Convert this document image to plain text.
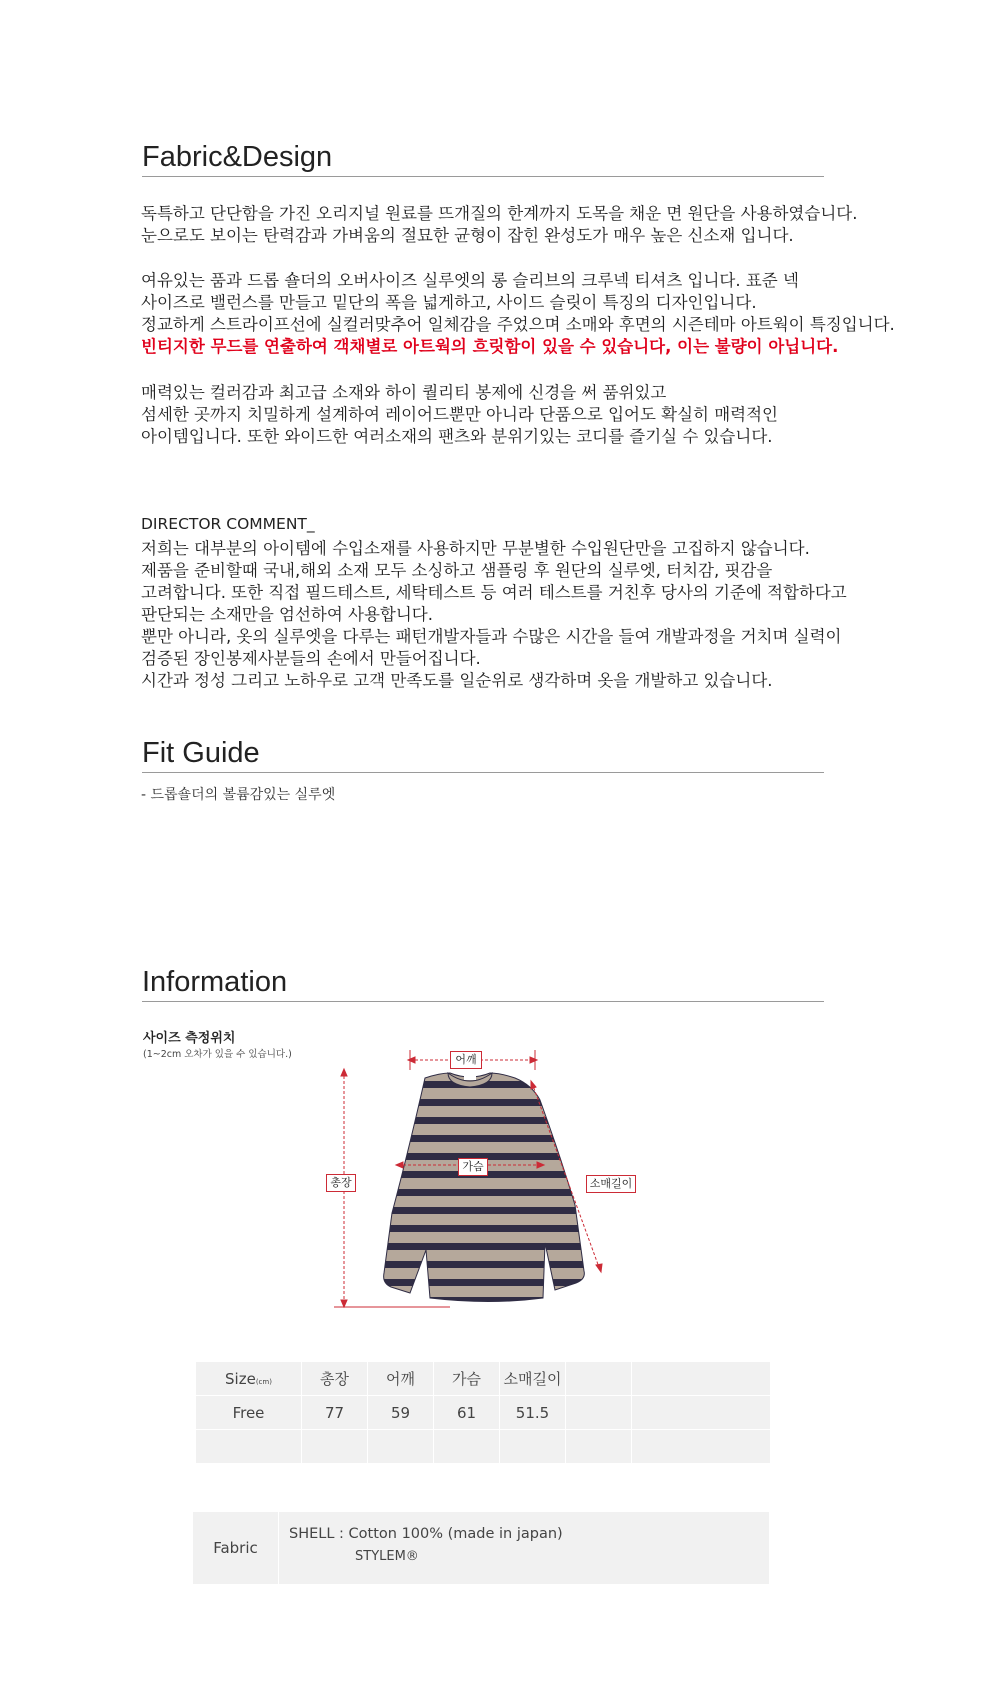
Fabric&Design
독특하고 단단함을 가진 오리지널 원료를 뜨개질의 한계까지 도목을 채운 면 원단을 사용하였습니다.
눈으로도 보이는 탄력감과 가벼움의 절묘한 균형이 잡힌 완성도가 매우 높은 신소재 입니다.
여유있는 품과 드롭 숄더의 오버사이즈 실루엣의 롱 슬리브의 크루넥 티셔츠 입니다. 표준 넥
사이즈로 밸런스를 만들고 밑단의 폭을 넓게하고, 사이드 슬릿이 특징의 디자인입니다.
정교하게 스트라이프선에 실컬러맞추어 일체감을 주었으며 소매와 후면의 시즌테마 아트웍이 특징입니다.
빈티지한 무드를 연출하여 객채별로 아트웍의 흐릿함이 있을 수 있습니다, 이는 불량이 아닙니다.
매력있는 컬러감과 최고급 소재와 하이 퀄리티 봉제에 신경을 써 품위있고
섬세한 곳까지 치밀하게 설계하여 레이어드뿐만 아니라 단품으로 입어도 확실히 매력적인
아이템입니다. 또한 와이드한 여러소재의 팬츠와 분위기있는 코디를 즐기실 수 있습니다.
DIRECTOR COMMENT_
저희는 대부분의 아이템에 수입소재를 사용하지만 무분별한 수입원단만을 고집하지 않습니다.
제품을 준비할때 국내,해외 소재 모두 소싱하고 샘플링 후 원단의 실루엣, 터치감, 핏감을
고려합니다. 또한 직접 필드테스트, 세탁테스트 등 여러 테스트를 거친후 당사의 기준에 적합하다고
판단되는 소재만을 엄선하여 사용합니다.
뿐만 아니라, 옷의 실루엣을 다루는 패턴개발자들과 수많은 시간을 들여 개발과정을 거치며 실력이
검증된 장인봉제사분들의 손에서 만들어집니다.
시간과 정성 그리고 노하우로 고객 만족도를 일순위로 생각하며 옷을 개발하고 있습니다.
Fit Guide
- 드롭숄더의 볼륨감있는 실루엣
Information
사이즈 측정위치
(1~2cm 오차가 있을 수 있습니다.)	어깨
총장
가슴
소매길이
Size(cm)	총장	어깨	가슴	소매길이		
Free	77	59	61	51.5		

Fabric
SHELL : Cotton 100% (made in japan)
STYLEM®
